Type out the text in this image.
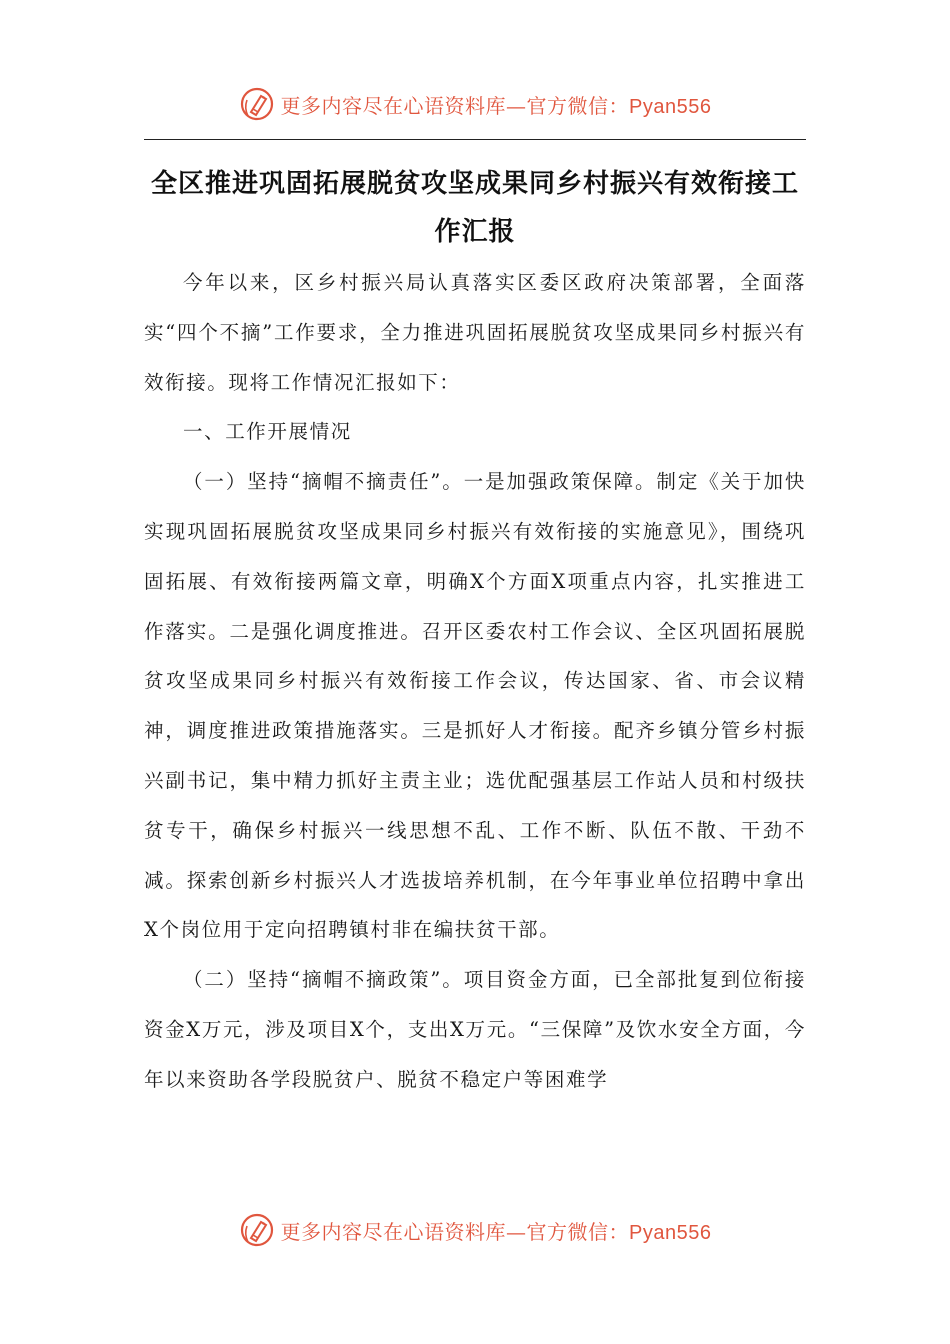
更多内容尽在心语资料库—官方微信：Pyan556
全区推进巩固拓展脱贫攻坚成果同乡村振兴有效衔接工作汇报

今年以来，区乡村振兴局认真落实区委区政府决策部署，全面落实“四个不摘”工作要求，全力推进巩固拓展脱贫攻坚成果同乡村振兴有效衔接。现将工作情况汇报如下：

一、工作开展情况

（一）坚持“摘帽不摘责任”。一是加强政策保障。制定《关于加快实现巩固拓展脱贫攻坚成果同乡村振兴有效衔接的实施意见》，围绕巩固拓展、有效衔接两篇文章，明确X个方面X项重点内容，扎实推进工作落实。二是强化调度推进。召开区委农村工作会议、全区巩固拓展脱贫攻坚成果同乡村振兴有效衔接工作会议，传达国家、省、市会议精神，调度推进政策措施落实。三是抓好人才衔接。配齐乡镇分管乡村振兴副书记，集中精力抓好主责主业；选优配强基层工作站人员和村级扶贫专干，确保乡村振兴一线思想不乱、工作不断、队伍不散、干劲不减。探索创新乡村振兴人才选拔培养机制，在今年事业单位招聘中拿出X个岗位用于定向招聘镇村非在编扶贫干部。

（二）坚持“摘帽不摘政策”。项目资金方面，已全部批复到位衔接资金X万元，涉及项目X个，支出X万元。“三保障”及饮水安全方面，今年以来资助各学段脱贫户、脱贫不稳定户等困难学

更多内容尽在心语资料库—官方微信：Pyan556
